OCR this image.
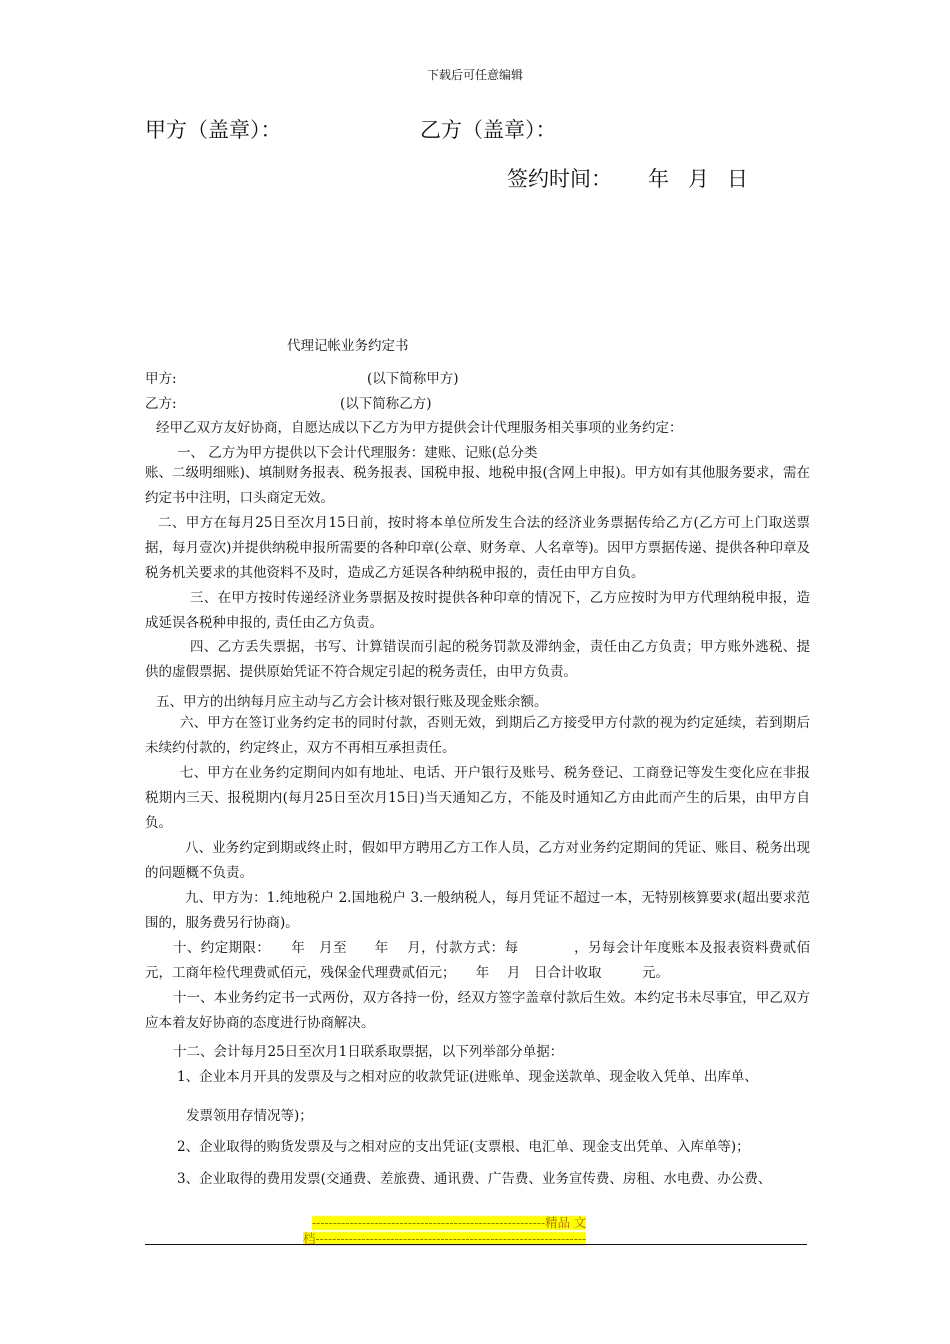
下载后可任意编辑
甲方（盖章）：	乙方（盖章）：
签约时间： 年 月 日
代理记帐业务约定书
甲方:	(以下简称甲方)
乙方:	(以下简称乙方)
经甲乙双方友好协商，自愿达成以下乙方为甲方提供会计代理服务相关事项的业务约定：
一、 乙方为甲方提供以下会计代理服务：建账、记账(总分类
账、二级明细账)、填制财务报表、税务报表、国税申报、地税申报(含网上申报)。甲方如有其他服务要求，需在约定书中注明，口头商定无效。
二、甲方在每月25日至次月15日前，按时将本单位所发生合法的经济业务票据传给乙方(乙方可上门取送票据，每月壹次)并提供纳税申报所需要的各种印章(公章、财务章、人名章等)。因甲方票据传递、提供各种印章及税务机关要求的其他资料不及时，造成乙方延误各种纳税申报的，责任由甲方自负。
三、在甲方按时传递经济业务票据及按时提供各种印章的情况下，乙方应按时为甲方代理纳税申报，造成延误各税种申报的, 责任由乙方负责。
四、乙方丢失票据，书写、计算错误而引起的税务罚款及滞纳金，责任由乙方负责；甲方账外逃税、提供的虚假票据、提供原始凭证不符合规定引起的税务责任，由甲方负责。
五、甲方的出纳每月应主动与乙方会计核对银行账及现金账余额。
六、甲方在签订业务约定书的同时付款，否则无效，到期后乙方接受甲方付款的视为约定延续，若到期后未续约付款的，约定终止，双方不再相互承担责任。
七、甲方在业务约定期间内如有地址、电话、开户银行及账号、税务登记、工商登记等发生变化应在非报税期内三天、报税期内(每月25日至次月15日)当天通知乙方，不能及时通知乙方由此而产生的后果，由甲方自负。
八、业务约定到期或终止时，假如甲方聘用乙方工作人员，乙方对业务约定期间的凭证、账目、税务出现的问题概不负责。
九、甲方为：1.纯地税户 2.国地税户 3.一般纳税人，每月凭证不超过一本，无特别核算要求(超出要求范围的，服务费另行协商)。
十、约定期限：　　年　月至　　年　 月，付款方式：每　　　　，另每会计年度账本及报表资料费贰佰元，工商年检代理费贰佰元，残保金代理费贰佰元；　　年　 月　日合计收取　　　元。
十一、本业务约定书一式两份，双方各持一份，经双方签字盖章付款后生效。本约定书未尽事宜，甲乙双方应本着友好协商的态度进行协商解决。
十二、会计每月25日至次月1日联系取票据，以下列举部分单据：
1、企业本月开具的发票及与之相对应的收款凭证(进账单、现金送款单、现金收入凭单、出库单、
发票领用存情况等)；
2、企业取得的购货发票及与之相对应的支出凭证(支票根、电汇单、现金支出凭单、入库单等)；
3、企业取得的费用发票(交通费、差旅费、通讯费、广告费、业务宣传费、房租、水电费、办公费、
--------------------------------------------------------精品 文
档-----------------------------------------------------------------
